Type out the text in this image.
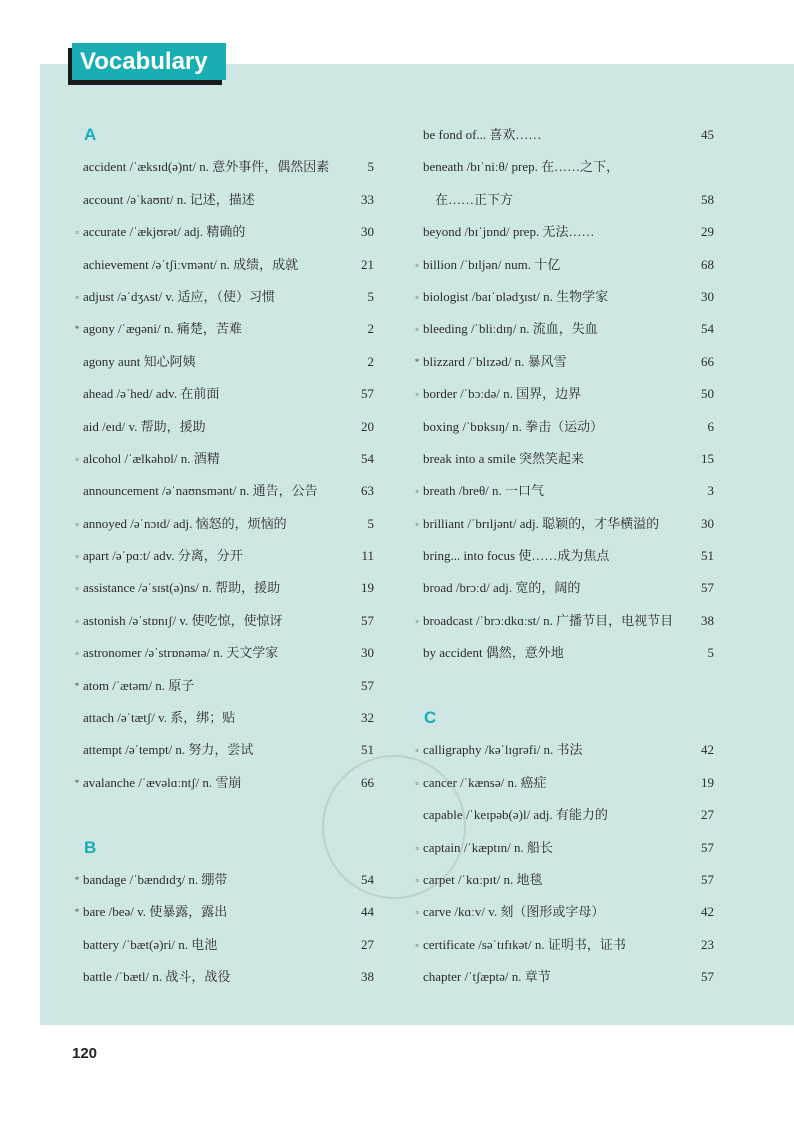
Vocabulary
A
accident /ˈæksɪd(ə)nt/ n. 意外事件，偶然因素	5
account /əˈkaʊnt/ n. 记述，描述	33
▫ accurate /ˈækjʊrət/ adj. 精确的	30
achievement /əˈtʃiːvmənt/ n. 成绩，成就	21
▫ adjust /əˈdʒʌst/ v. 适应，（使）习惯	5
* agony /ˈæɡəni/ n. 痛楚，苦难	2
agony aunt 知心阿姨	2
ahead /əˈhed/ adv. 在前面	57
aid /eɪd/ v. 帮助，援助	20
▫ alcohol /ˈælkəhɒl/ n. 酒精	54
announcement /əˈnaʊnsmənt/ n. 通告，公告	63
▫ annoyed /əˈnɔɪd/ adj. 恼怒的，烦恼的	5
▫ apart /əˈpɑːt/ adv. 分离，分开	11
▫ assistance /əˈsɪst(ə)ns/ n. 帮助，援助	19
▫ astonish /əˈstɒnɪʃ/ v. 使吃惊，使惊讶	57
▫ astronomer /əˈstrɒnəmə/ n. 天文学家	30
* atom /ˈætəm/ n. 原子	57
attach /əˈtætʃ/ v. 系，绑；贴	32
attempt /əˈtempt/ n. 努力，尝试	51
* avalanche /ˈævəlɑːntʃ/ n. 雪崩	66
B
* bandage /ˈbændɪdʒ/ n. 绷带	54
* bare /beə/ v. 使暴露，露出	44
battery /ˈbæt(ə)ri/ n. 电池	27
battle /ˈbætl/ n. 战斗，战役	38
be fond of... 喜欢……	45
beneath /bɪˈniːθ/ prep. 在……之下，
在……正下方	58
beyond /bɪˈjɒnd/ prep. 无法……	29
▫ billion /ˈbɪljən/ num. 十亿	68
▫ biologist /baɪˈɒlədʒɪst/ n. 生物学家	30
▫ bleeding /ˈbliːdɪŋ/ n. 流血，失血	54
* blizzard /ˈblɪzəd/ n. 暴风雪	66
▫ border /ˈbɔːdə/ n. 国界，边界	50
boxing /ˈbɒksɪŋ/ n. 拳击（运动）	6
break into a smile 突然笑起来	15
▫ breath /breθ/ n. 一口气	3
▫ brilliant /ˈbrɪljənt/ adj. 聪颖的，才华横溢的	30
bring... into focus 使……成为焦点	51
broad /brɔːd/ adj. 宽的，阔的	57
▫ broadcast /ˈbrɔːdkɑːst/ n. 广播节目，电视节目	38
by accident 偶然，意外地	5
C
▫ calligraphy /kəˈlɪɡrəfi/ n. 书法	42
▫ cancer /ˈkænsə/ n. 癌症	19
capable /ˈkeɪpəb(ə)l/ adj. 有能力的	27
▫ captain /ˈkæptɪn/ n. 船长	57
▫ carpet /ˈkɑːpɪt/ n. 地毯	57
▫ carve /kɑːv/ v. 刻（图形或字母）	42
▫ certificate /səˈtɪfɪkət/ n. 证明书，证书	23
chapter /ˈtʃæptə/ n. 章节	57
120
